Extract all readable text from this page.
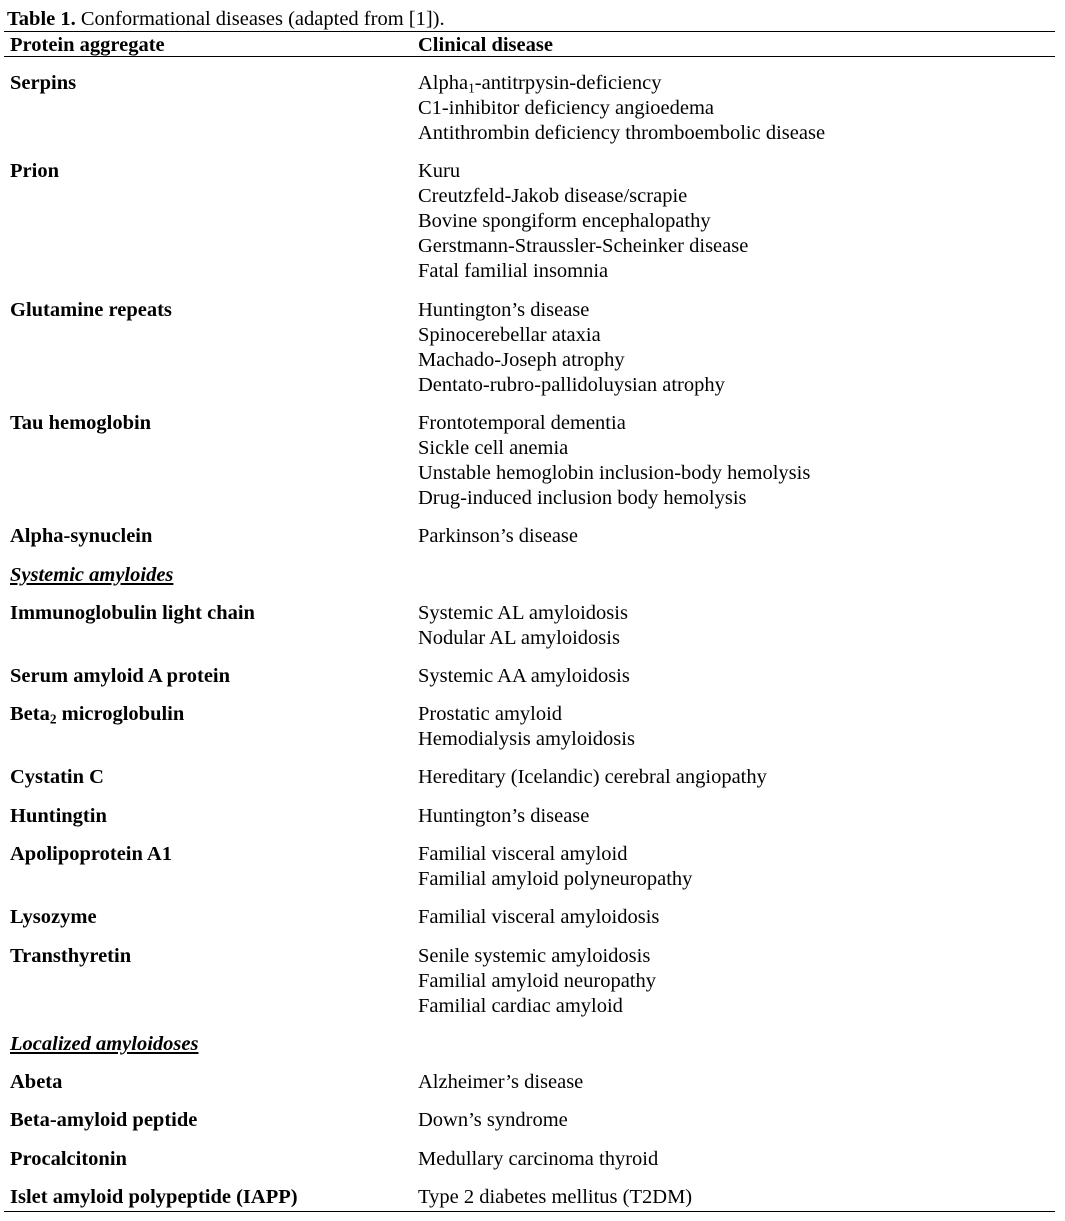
Table 1. Conformational diseases (adapted from [1]).
Protein aggregate	Clinical disease
Serpins	Alpha$_1$-antitrpysin-deficiency
C1-inhibitor deficiency angioedema
Antithrombin deficiency thromboembolic disease
Prion	Kuru
Creutzfeld-Jakob disease/scrapie
Bovine spongiform encephalopathy
Gerstmann-Straussler-Scheinker disease
Fatal familial insomnia
Glutamine repeats	Huntington’s disease
Spinocerebellar ataxia
Machado-Joseph atrophy
Dentato-rubro-pallidoluysian atrophy
Tau hemoglobin	Frontotemporal dementia
Sickle cell anemia
Unstable hemoglobin inclusion-body hemolysis
Drug-induced inclusion body hemolysis
Alpha-synuclein	Parkinson’s disease
Systemic amyloides
Immunoglobulin light chain	Systemic AL amyloidosis
Nodular AL amyloidosis
Serum amyloid A protein	Systemic AA amyloidosis
Beta$_2$ microglobulin	Prostatic amyloid
Hemodialysis amyloidosis
Cystatin C	Hereditary (Icelandic) cerebral angiopathy
Huntingtin	Huntington’s disease
Apolipoprotein A1	Familial visceral amyloid
Familial amyloid polyneuropathy
Lysozyme	Familial visceral amyloidosis
Transthyretin	Senile systemic amyloidosis
Familial amyloid neuropathy
Familial cardiac amyloid
Localized amyloidoses
Abeta	Alzheimer’s disease
Beta-amyloid peptide	Down’s syndrome
Procalcitonin	Medullary carcinoma thyroid
Islet amyloid polypeptide (IAPP)	Type 2 diabetes mellitus (T2DM)
